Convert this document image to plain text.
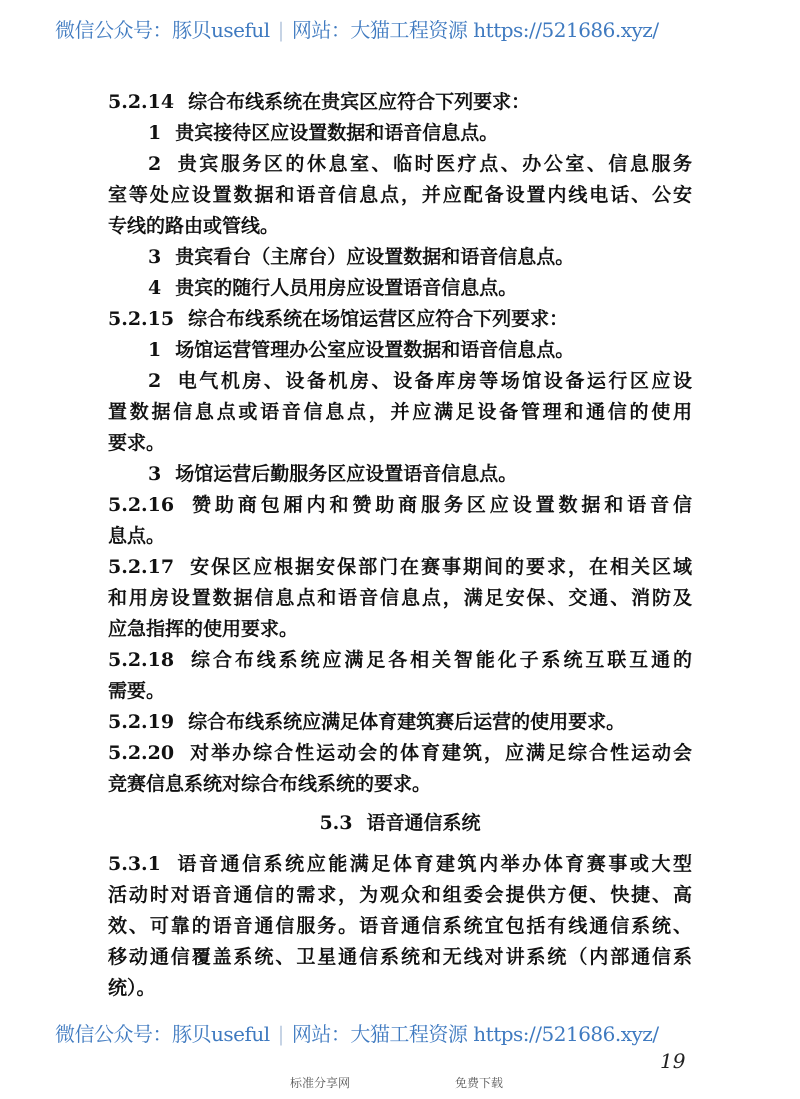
微信公众号：豚贝useful | 网站：大猫工程资源 https://521686.xyz/
5.2.14 综合布线系统在贵宾区应符合下列要求：
1 贵宾接待区应设置数据和语音信息点。
2 贵宾服务区的休息室、临时医疗点、办公室、信息服务
室等处应设置数据和语音信息点，并应配备设置内线电话、公安
专线的路由或管线。
3 贵宾看台（主席台）应设置数据和语音信息点。
4 贵宾的随行人员用房应设置语音信息点。
5.2.15 综合布线系统在场馆运营区应符合下列要求：
1 场馆运营管理办公室应设置数据和语音信息点。
2 电气机房、设备机房、设备库房等场馆设备运行区应设
置数据信息点或语音信息点，并应满足设备管理和通信的使用
要求。
3 场馆运营后勤服务区应设置语音信息点。
5.2.16 赞助商包厢内和赞助商服务区应设置数据和语音信
息点。
5.2.17 安保区应根据安保部门在赛事期间的要求，在相关区域
和用房设置数据信息点和语音信息点，满足安保、交通、消防及
应急指挥的使用要求。
5.2.18 综合布线系统应满足各相关智能化子系统互联互通的
需要。
5.2.19 综合布线系统应满足体育建筑赛后运营的使用要求。
5.2.20 对举办综合性运动会的体育建筑，应满足综合性运动会
竞赛信息系统对综合布线系统的要求。
5.3 语音通信系统
5.3.1 语音通信系统应能满足体育建筑内举办体育赛事或大型
活动时对语音通信的需求，为观众和组委会提供方便、快捷、高
效、可靠的语音通信服务。语音通信系统宜包括有线通信系统、
移动通信覆盖系统、卫星通信系统和无线对讲系统（内部通信系
统）。
微信公众号：豚贝useful | 网站：大猫工程资源 https://521686.xyz/
19
标准分享网	免费下载
